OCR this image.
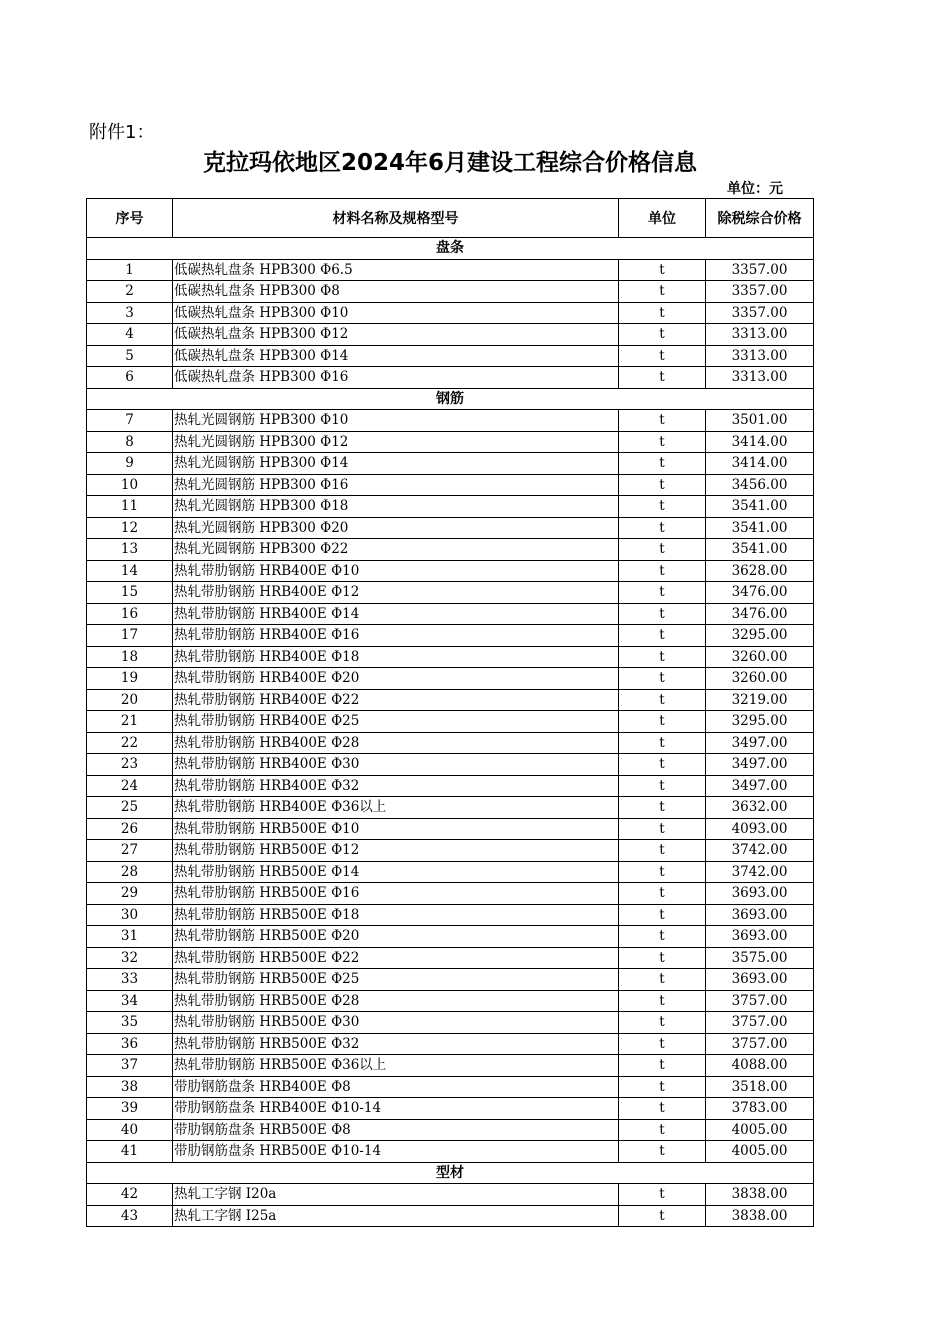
附件1：
克拉玛依地区2024年6月建设工程综合价格信息
单位：元
序号	材料名称及规格型号	单位	除税综合价格
盘条			
1	低碳热轧盘条 HPB300 Φ6.5	t	3357.00
2	低碳热轧盘条 HPB300 Φ8	t	3357.00
3	低碳热轧盘条 HPB300 Φ10	t	3357.00
4	低碳热轧盘条 HPB300 Φ12	t	3313.00
5	低碳热轧盘条 HPB300 Φ14	t	3313.00
6	低碳热轧盘条 HPB300 Φ16	t	3313.00
钢筋			
7	热轧光圆钢筋 HPB300 Φ10	t	3501.00
8	热轧光圆钢筋 HPB300 Φ12	t	3414.00
9	热轧光圆钢筋 HPB300 Φ14	t	3414.00
10	热轧光圆钢筋 HPB300 Φ16	t	3456.00
11	热轧光圆钢筋 HPB300 Φ18	t	3541.00
12	热轧光圆钢筋 HPB300 Φ20	t	3541.00
13	热轧光圆钢筋 HPB300 Φ22	t	3541.00
14	热轧带肋钢筋 HRB400E Φ10	t	3628.00
15	热轧带肋钢筋 HRB400E Φ12	t	3476.00
16	热轧带肋钢筋 HRB400E Φ14	t	3476.00
17	热轧带肋钢筋 HRB400E Φ16	t	3295.00
18	热轧带肋钢筋 HRB400E Φ18	t	3260.00
19	热轧带肋钢筋 HRB400E Φ20	t	3260.00
20	热轧带肋钢筋 HRB400E Φ22	t	3219.00
21	热轧带肋钢筋 HRB400E Φ25	t	3295.00
22	热轧带肋钢筋 HRB400E Φ28	t	3497.00
23	热轧带肋钢筋 HRB400E Φ30	t	3497.00
24	热轧带肋钢筋 HRB400E Φ32	t	3497.00
25	热轧带肋钢筋 HRB400E Φ36以上	t	3632.00
26	热轧带肋钢筋 HRB500E Φ10	t	4093.00
27	热轧带肋钢筋 HRB500E Φ12	t	3742.00
28	热轧带肋钢筋 HRB500E Φ14	t	3742.00
29	热轧带肋钢筋 HRB500E Φ16	t	3693.00
30	热轧带肋钢筋 HRB500E Φ18	t	3693.00
31	热轧带肋钢筋 HRB500E Φ20	t	3693.00
32	热轧带肋钢筋 HRB500E Φ22	t	3575.00
33	热轧带肋钢筋 HRB500E Φ25	t	3693.00
34	热轧带肋钢筋 HRB500E Φ28	t	3757.00
35	热轧带肋钢筋 HRB500E Φ30	t	3757.00
36	热轧带肋钢筋 HRB500E Φ32	t	3757.00
37	热轧带肋钢筋 HRB500E Φ36以上	t	4088.00
38	带肋钢筋盘条 HRB400E Φ8	t	3518.00
39	带肋钢筋盘条 HRB400E Φ10-14	t	3783.00
40	带肋钢筋盘条 HRB500E Φ8	t	4005.00
41	带肋钢筋盘条 HRB500E Φ10-14	t	4005.00
型材			
42	热轧工字钢 I20a	t	3838.00
43	热轧工字钢 I25a	t	3838.00
